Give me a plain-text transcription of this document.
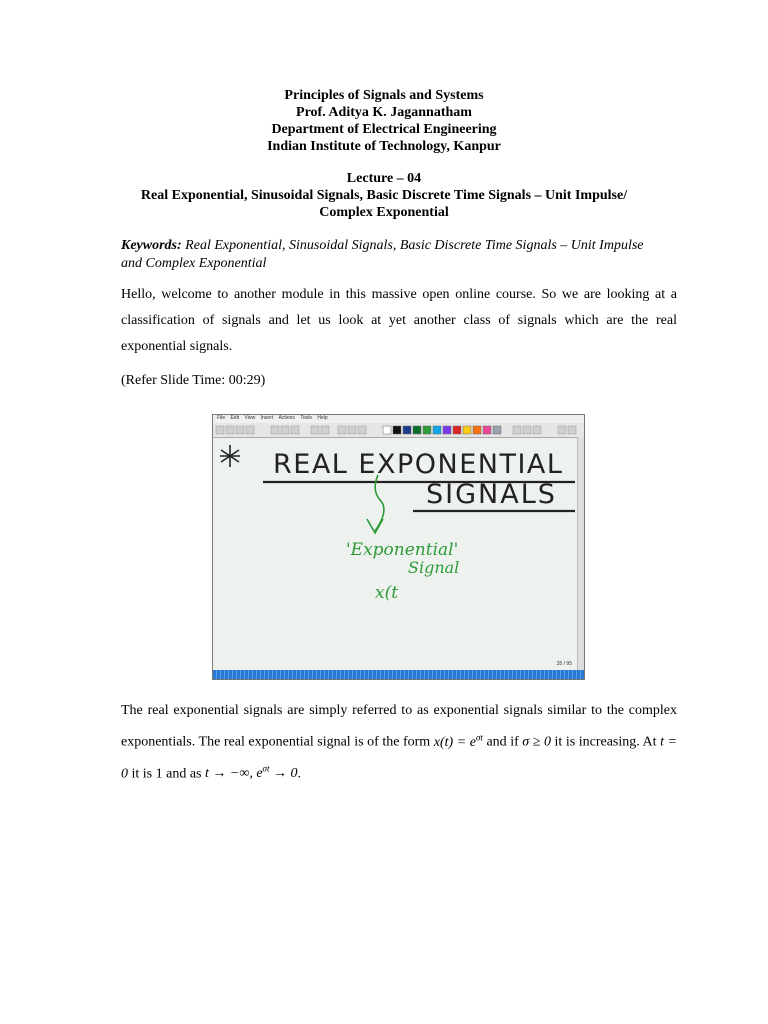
Principles of Signals and Systems
Prof. Aditya K. Jagannatham
Department of Electrical Engineering
Indian Institute of Technology, Kanpur
Lecture – 04
Real Exponential, Sinusoidal Signals, Basic Discrete Time Signals – Unit Impulse/
Complex Exponential
Keywords: Real Exponential, Sinusoidal Signals, Basic Discrete Time Signals – Unit Impulse and Complex Exponential
Hello, welcome to another module in this massive open online course. So we are looking at a classification of signals and let us look at yet another class of signals which are the real exponential signals.
(Refer Slide Time: 00:29)
File Edit View Insert Actions Tools Help
REAL EXPONENTIAL
SIGNALS
'Exponential'
Signal
x(t
35 / 95
The real exponential signals are simply referred to as exponential signals similar to the complex exponentials. The real exponential signal is of the form $x(t) = e^{\sigma t}$ and if σ ≥ 0 it is increasing. At t = 0 it is 1 and as t → −∞, $e^{\sigma t} \to 0$.
